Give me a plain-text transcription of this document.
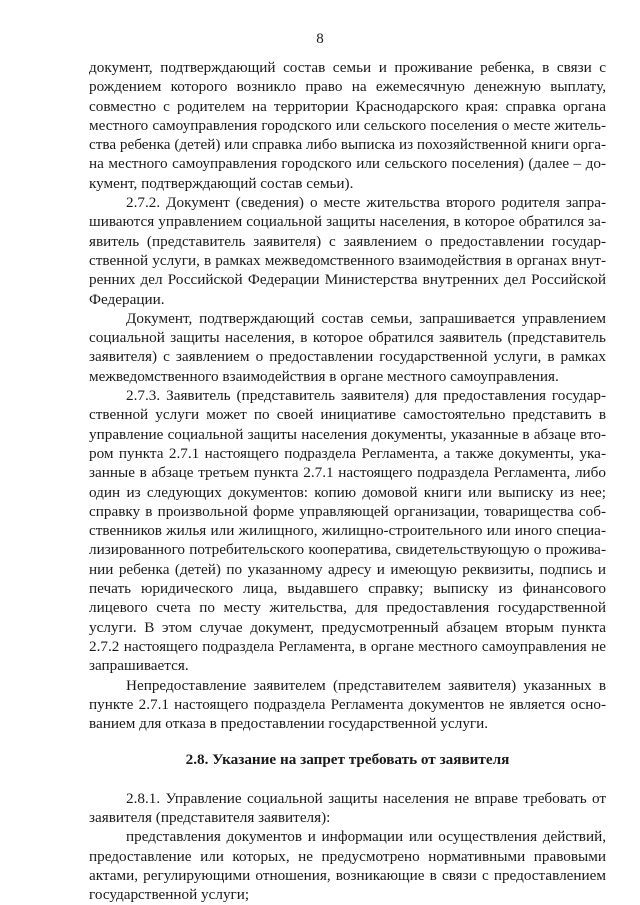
8

документ, подтверждающий состав семьи и проживание ребенка, в связи с рождением которого возникло право на ежемесячную денежную выплату, совместно с родителем на территории Краснодарского края: справка органа местного самоуправления городского или сельского поселения о месте жительства ребенка (детей) или справка либо выписка из похозяйственной книги органа местного самоуправления городского или сельского поселения) (далее – документ, подтверждающий состав семьи).

2.7.2. Документ (сведения) о месте жительства второго родителя запрашиваются управлением социальной защиты населения, в которое обратился заявитель (представитель заявителя) с заявлением о предоставлении государственной услуги, в рамках межведомственного взаимодействия в органах внутренних дел Российской Федерации Министерства внутренних дел Российской Федерации.

Документ, подтверждающий состав семьи, запрашивается управлением социальной защиты населения, в которое обратился заявитель (представитель заявителя) с заявлением о предоставлении государственной услуги, в рамках межведомственного взаимодействия в органе местного самоуправления.

2.7.3. Заявитель (представитель заявителя) для предоставления государственной услуги может по своей инициативе самостоятельно представить в управление социальной защиты населения документы, указанные в абзаце втором пункта 2.7.1 настоящего подраздела Регламента, а также документы, указанные в абзаце третьем пункта 2.7.1 настоящего подраздела Регламента, либо один из следующих документов: копию домовой книги или выписку из нее; справку в произвольной форме управляющей организации, товарищества собственников жилья или жилищного, жилищно-строительного или иного специализированного потребительского кооператива, свидетельствующую о проживании ребенка (детей) по указанному адресу и имеющую реквизиты, подпись и печать юридического лица, выдавшего справку; выписку из финансового лицевого счета по месту жительства, для предоставления государственной услуги. В этом случае документ, предусмотренный абзацем вторым пункта 2.7.2 настоящего подраздела Регламента, в органе местного самоуправления не запрашивается.

Непредоставление заявителем (представителем заявителя) указанных в пункте 2.7.1 настоящего подраздела Регламента документов не является основанием для отказа в предоставлении государственной услуги.

2.8. Указание на запрет требовать от заявителя

2.8.1. Управление социальной защиты населения не вправе требовать от заявителя (представителя заявителя):

представления документов и информации или осуществления действий, предоставление или которых, не предусмотрено нормативными правовыми актами, регулирующими отношения, возникающие в связи с предоставлением государственной услуги;
